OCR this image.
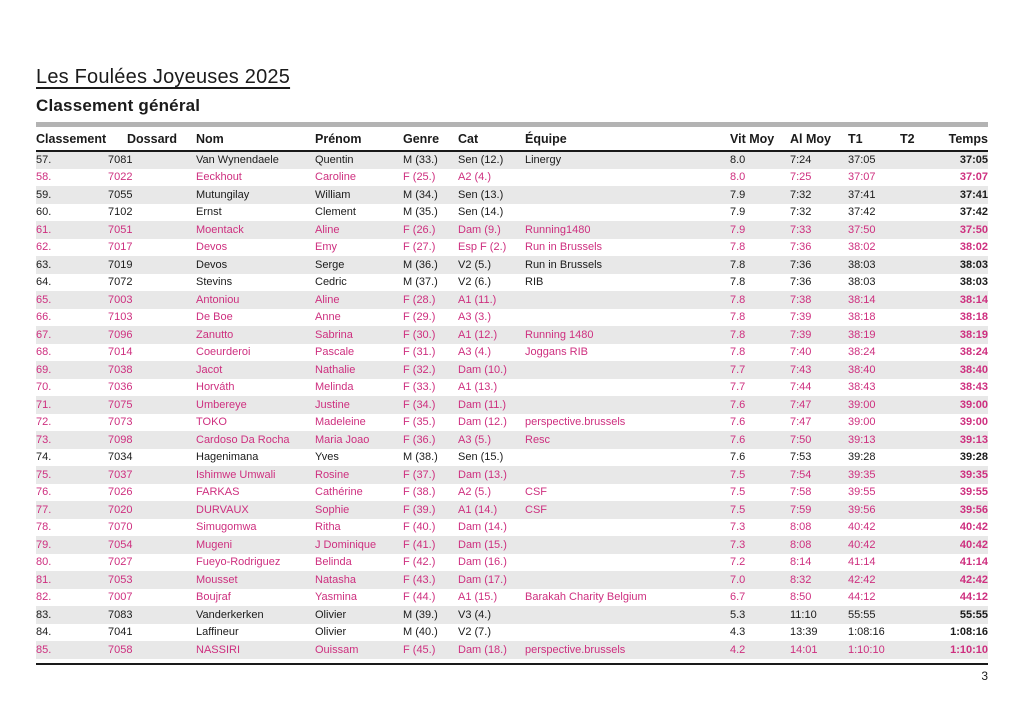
Les Foulées Joyeuses 2025
Classement général
Classement	Dossard	Nom	Prénom	Genre	Cat	Équipe	Vit Moy	Al Moy	T1	T2	Temps
57.	7081	Van Wynendaele	Quentin	M (33.)	Sen (12.)	Linergy	8.0	7:24	37:05		37:05
58.	7022	Eeckhout	Caroline	F (25.)	A2 (4.)		8.0	7:25	37:07		37:07
59.	7055	Mutungilay	William	M (34.)	Sen (13.)		7.9	7:32	37:41		37:41
60.	7102	Ernst	Clement	M (35.)	Sen (14.)		7.9	7:32	37:42		37:42
61.	7051	Moentack	Aline	F (26.)	Dam (9.)	Running1480	7.9	7:33	37:50		37:50
62.	7017	Devos	Emy	F (27.)	Esp F (2.)	Run in Brussels	7.8	7:36	38:02		38:02
63.	7019	Devos	Serge	M (36.)	V2 (5.)	Run in Brussels	7.8	7:36	38:03		38:03
64.	7072	Stevins	Cedric	M (37.)	V2 (6.)	RIB	7.8	7:36	38:03		38:03
65.	7003	Antoniou	Aline	F (28.)	A1 (11.)		7.8	7:38	38:14		38:14
66.	7103	De Boe	Anne	F (29.)	A3 (3.)		7.8	7:39	38:18		38:18
67.	7096	Zanutto	Sabrina	F (30.)	A1 (12.)	Running 1480	7.8	7:39	38:19		38:19
68.	7014	Coeurderoi	Pascale	F (31.)	A3 (4.)	Joggans RIB	7.8	7:40	38:24		38:24
69.	7038	Jacot	Nathalie	F (32.)	Dam (10.)		7.7	7:43	38:40		38:40
70.	7036	Horváth	Melinda	F (33.)	A1 (13.)		7.7	7:44	38:43		38:43
71.	7075	Umbereye	Justine	F (34.)	Dam (11.)		7.6	7:47	39:00		39:00
72.	7073	TOKO	Madeleine	F (35.)	Dam (12.)	perspective.brussels	7.6	7:47	39:00		39:00
73.	7098	Cardoso Da Rocha	Maria Joao	F (36.)	A3 (5.)	Resc	7.6	7:50	39:13		39:13
74.	7034	Hagenimana	Yves	M (38.)	Sen (15.)		7.6	7:53	39:28		39:28
75.	7037	Ishimwe Umwali	Rosine	F (37.)	Dam (13.)		7.5	7:54	39:35		39:35
76.	7026	FARKAS	Cathérine	F (38.)	A2 (5.)	CSF	7.5	7:58	39:55		39:55
77.	7020	DURVAUX	Sophie	F (39.)	A1 (14.)	CSF	7.5	7:59	39:56		39:56
78.	7070	Simugomwa	Ritha	F (40.)	Dam (14.)		7.3	8:08	40:42		40:42
79.	7054	Mugeni	J Dominique	F (41.)	Dam (15.)		7.3	8:08	40:42		40:42
80.	7027	Fueyo-Rodriguez	Belinda	F (42.)	Dam (16.)		7.2	8:14	41:14		41:14
81.	7053	Mousset	Natasha	F (43.)	Dam (17.)		7.0	8:32	42:42		42:42
82.	7007	Boujraf	Yasmina	F (44.)	A1 (15.)	Barakah Charity Belgium	6.7	8:50	44:12		44:12
83.	7083	Vanderkerken	Olivier	M (39.)	V3 (4.)		5.3	11:10	55:55		55:55
84.	7041	Laffineur	Olivier	M (40.)	V2 (7.)		4.3	13:39	1:08:16		1:08:16
85.	7058	NASSIRI	Ouissam	F (45.)	Dam (18.)	perspective.brussels	4.2	14:01	1:10:10		1:10:10
3
